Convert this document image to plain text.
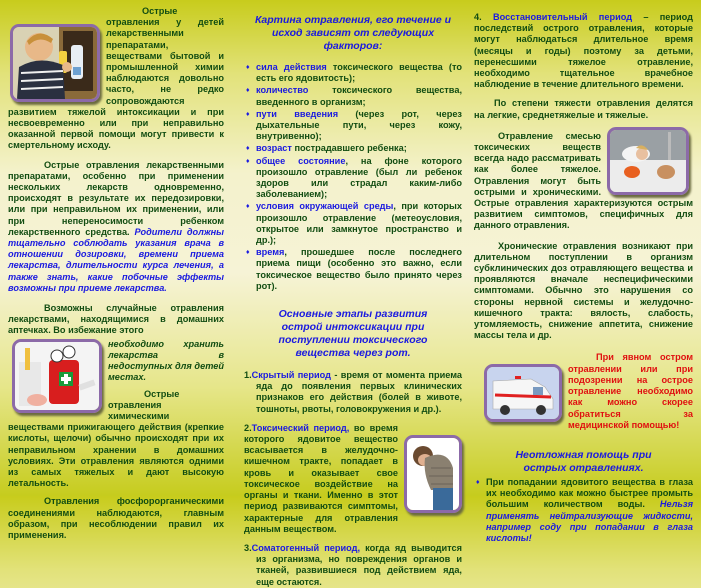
Острые отравления у детей лекарственными препаратами, веществами бытовой и промышленной химии наблюдаются довольно часто, не редко сопровождаются развитием тяжелой интоксикации и при несвоевременно или при неправильно оказанной первой помощи могут привести к смертельному исходу.

Острые отравления лекарственными препаратами, особенно при применении нескольких лекарств одновременно, происходят в результате их передозировки, или при неправильном их применении, или при непереносимости ребенком лекарственного средства. Родители должны тщательно соблюдать указания врача в отношении дозировки, времени приема лекарства, длительности курса лечения, а также знать, какие побочные эффекты возможны при приеме лекарства.

Возможны случайные отравления лекарствами, находящимися в домашних аптечках. Во избежание этого

необходимо хранить лекарства в недоступных для детей местах.

Острые отравления химическими веществами прижигающего действия (крепкие кислоты, щелочи) обычно происходят при их неправильном хранении в домашних условиях. Эти отравления являются одними из самых тяжелых и дают высокую летальность.

Отравления фосфорорганическими соединениями наблюдаются, главным образом, при несоблюдении правил их применения.

Картина отравления, его течение и исход зависят от следующих факторов:

♦ сила действия токсического вещества (то есть его ядовитость);
♦ количество токсического вещества, введенного в организм;
♦ пути введения (через рот, через дыхательные пути, через кожу, внутривенно);
♦ возраст пострадавшего ребенка;
♦ общее состояние, на фоне которого произошло отравление (был ли ребенок здоров или страдал каким-либо заболеванием);
♦ условия окружающей среды, при которых произошло отравление (метеоусловия, открытое или замкнутое пространство и др.);
♦ время, прошедшее после последнего приема пищи (особенно это важно, если токсическое вещество было принято через рот).

Основные этапы развития острой интоксикации при поступлении токсического вещества через рот.

1.Скрытый период - время от момента приема яда до появления первых клинических признаков его действия (болей в животе, тошноты, рвоты, головокружения и др.).
2.Токсический период, во время которого ядовитое вещество всасывается в желудочно-кишечном тракте, попадает в кровь и оказывает свое токсическое воздействие на органы и ткани. Именно в этот период развиваются симптомы, характерные для отравления данным веществом.
3.Соматогенный период, когда яд выводится из организма, но повреждения органов и тканей, развившиеся под действием яда, еще остаются.

4. Восстановительный период – период последствий острого отравления, которые могут наблюдаться длительное время (месяцы и годы) поэтому за детьми, перенесшими тяжелое отравление, необходимо тщательное врачебное наблюдение в течение длительного времени.

По степени тяжести отравления делятся на легкие, среднетяжелые и тяжелые.

Отравление смесью токсических веществ всегда надо рассматривать как более тяжелое. Отравления могут быть острыми и хроническими. Острые отравления характеризуются острым развитием симптомов, специфичных для данного отравления.

Хронические отравления возникают при длительном поступлении в организм субклинических доз отравляющего вещества и проявляются вначале неспецифическими симптомами. Обычно это нарушения со стороны нервной системы и желудочно-кишечного тракта: вялость, слабость, утомляемость, снижение аппетита, снижение массы тела и др.

При явном остром отравлении или при подозрении на острое отравление необходимо как можно скорее обратиться за медицинской помощью!

Неотложная помощь при острых отравлениях.

♦ При попадании ядовитого вещества в глаза их необходимо как можно быстрее промыть большим количеством воды. Нельзя применять нейтрализующие жидкости, например соду при попадании в глаза кислоты!
